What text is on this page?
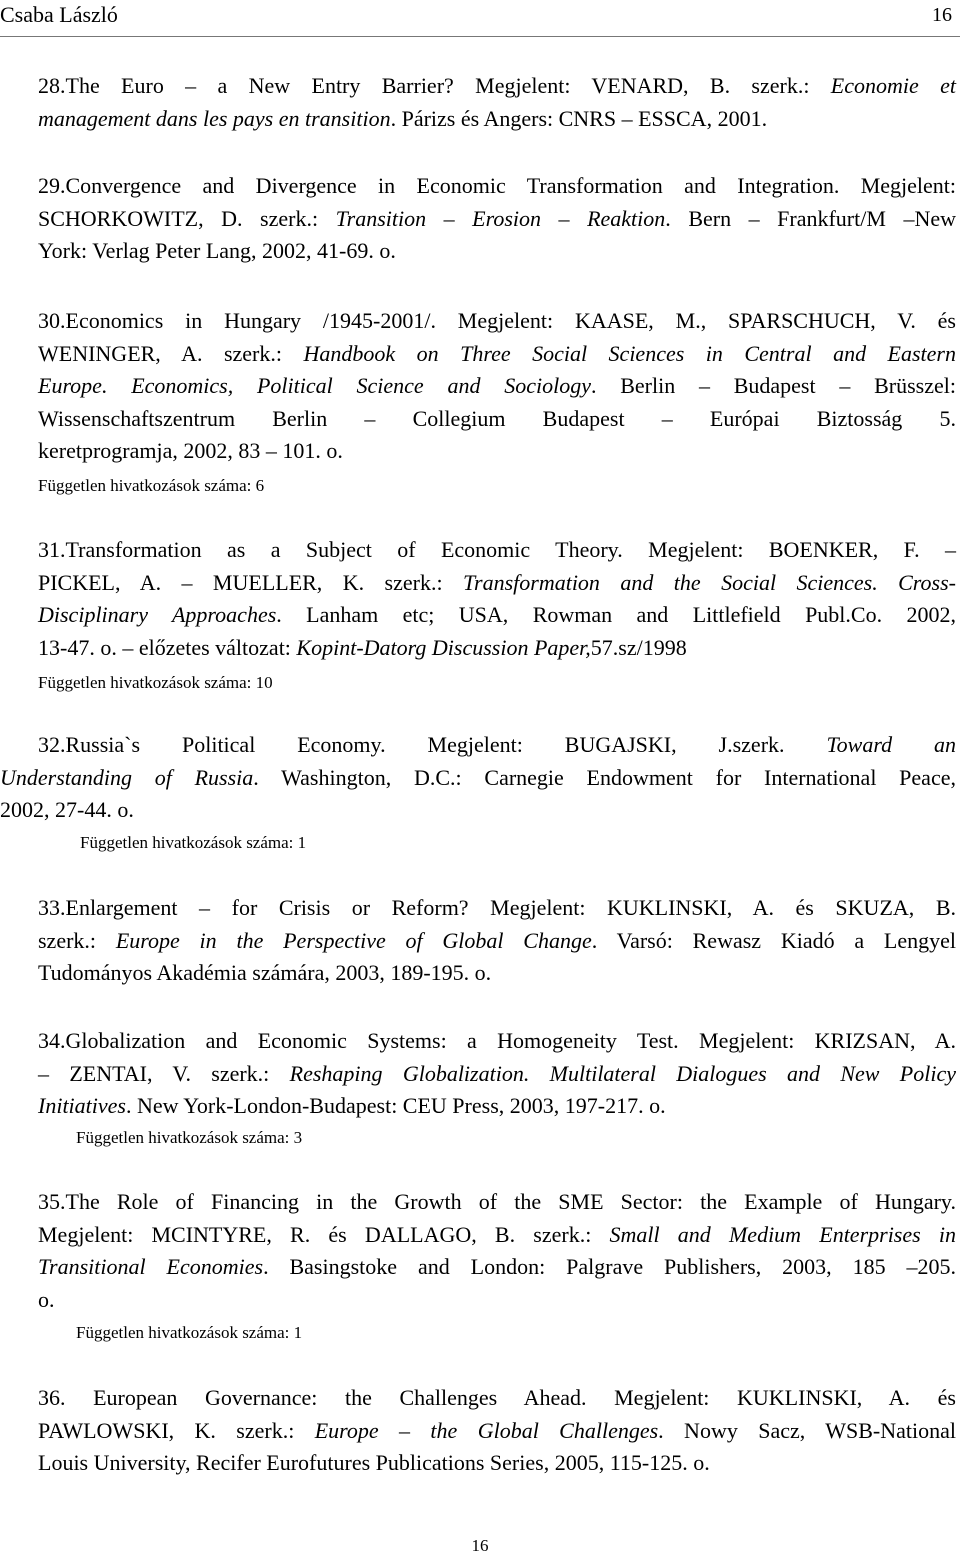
Csaba László	16
28.The Euro – a New Entry Barrier? Megjelent: VENARD, B. szerk.: Economie et
management dans les pays en transition. Párizs és Angers: CNRS – ESSCA, 2001.
29.Convergence and Divergence in Economic Transformation and Integration. Megjelent:
SCHORKOWITZ, D. szerk.: Transition – Erosion – Reaktion. Bern – Frankfurt/M –New
York: Verlag Peter Lang, 2002, 41-69. o.
30.Economics in Hungary /1945-2001/. Megjelent: KAASE, M., SPARSCHUCH, V. és
WENINGER, A. szerk.: Handbook on Three Social Sciences in Central and Eastern
Europe. Economics, Political Science and Sociology. Berlin – Budapest – Brüsszel:
Wissenschaftszentrum Berlin – Collegium Budapest – Európai Biztosság 5.
keretprogramja, 2002, 83 – 101. o.
Független hivatkozások száma: 6
31.Transformation as a Subject of Economic Theory. Megjelent: BOENKER, F. –
PICKEL, A. – MUELLER, K. szerk.: Transformation and the Social Sciences. Cross-
Disciplinary Approaches. Lanham etc; USA, Rowman and Littlefield Publ.Co. 2002,
13-47. o. – előzetes változat: Kopint-Datorg Discussion Paper,57.sz/1998
Független hivatkozások száma: 10
32.Russia`s Political Economy. Megjelent: BUGAJSKI, J.szerk. Toward an
Understanding of Russia. Washington, D.C.: Carnegie Endowment for International Peace,
2002, 27-44. o.
Független hivatkozások száma: 1
33.Enlargement – for Crisis or Reform? Megjelent: KUKLINSKI, A. és SKUZA, B.
szerk.: Europe in the Perspective of Global Change. Varsó: Rewasz Kiadó a Lengyel
Tudományos Akadémia számára, 2003, 189-195. o.
34.Globalization and Economic Systems: a Homogeneity Test. Megjelent: KRIZSAN, A.
– ZENTAI, V. szerk.: Reshaping Globalization. Multilateral Dialogues and New Policy
Initiatives. New York-London-Budapest: CEU Press, 2003, 197-217. o.
Független hivatkozások száma: 3
35.The Role of Financing in the Growth of the SME Sector: the Example of Hungary.
Megjelent: MCINTYRE, R. és DALLAGO, B. szerk.: Small and Medium Enterprises in
Transitional Economies. Basingstoke and London: Palgrave Publishers, 2003, 185 –205.
o.
Független hivatkozások száma: 1
36. European Governance: the Challenges Ahead. Megjelent: KUKLINSKI, A. és
PAWLOWSKI, K. szerk.: Europe – the Global Challenges. Nowy Sacz, WSB-National
Louis University, Recifer Eurofutures Publications Series, 2005, 115-125. o.
16
